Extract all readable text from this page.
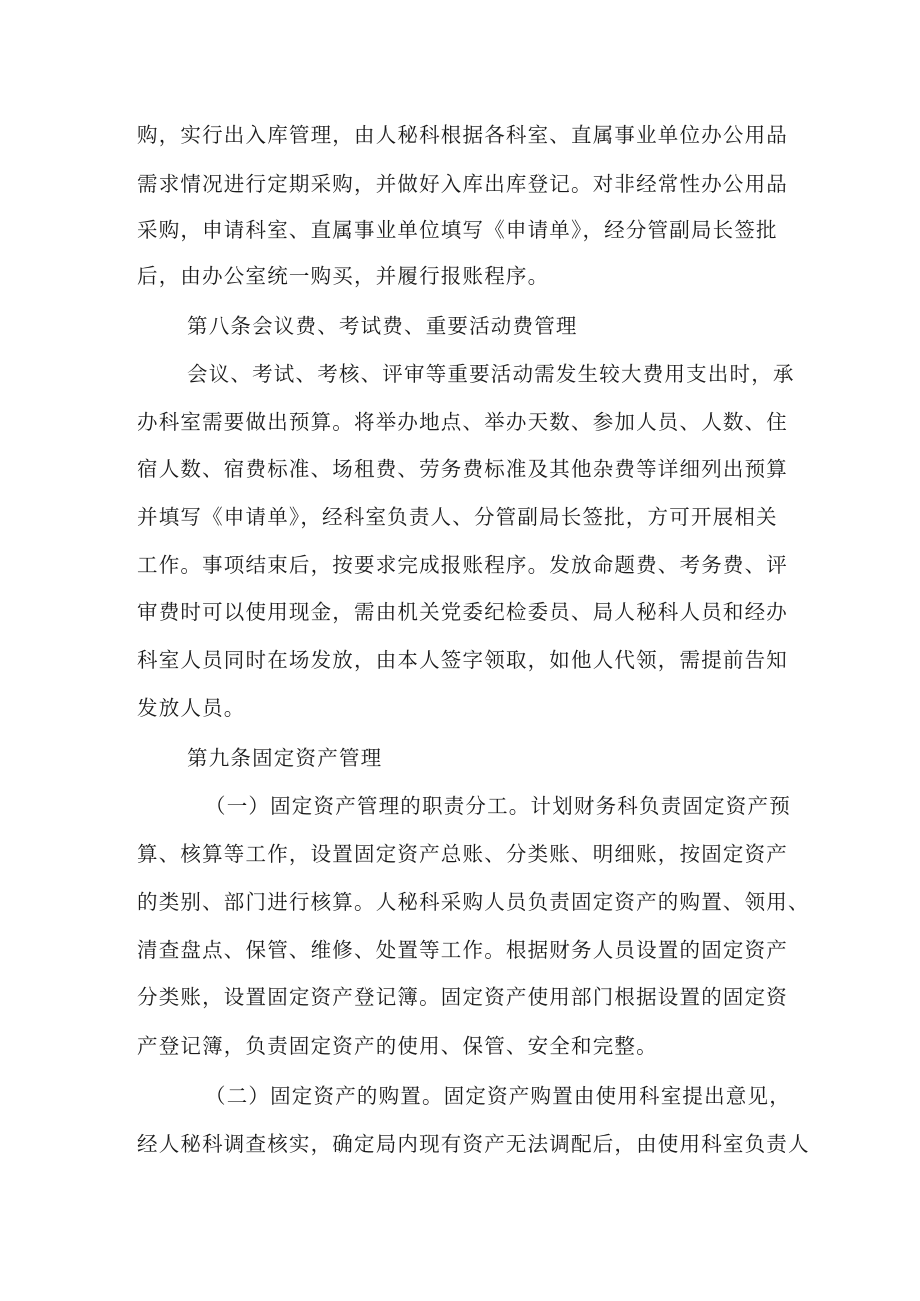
购，实行出入库管理，由人秘科根据各科室、直属事业单位办公用品
需求情况进行定期采购，并做好入库出库登记。对非经常性办公用品
采购，申请科室、直属事业单位填写《申请单》，经分管副局长签批
后，由办公室统一购买，并履行报账程序。
第八条会议费、考试费、重要活动费管理
会议、考试、考核、评审等重要活动需发生较大费用支出时，承
办科室需要做出预算。将举办地点、举办天数、参加人员、人数、住
宿人数、宿费标准、场租费、劳务费标准及其他杂费等详细列出预算
并填写《申请单》，经科室负责人、分管副局长签批，方可开展相关
工作。事项结束后，按要求完成报账程序。发放命题费、考务费、评
审费时可以使用现金，需由机关党委纪检委员、局人秘科人员和经办
科室人员同时在场发放，由本人签字领取，如他人代领，需提前告知
发放人员。
第九条固定资产管理
（一）固定资产管理的职责分工。计划财务科负责固定资产预
算、核算等工作，设置固定资产总账、分类账、明细账，按固定资产
的类别、部门进行核算。人秘科采购人员负责固定资产的购置、领用、
清查盘点、保管、维修、处置等工作。根据财务人员设置的固定资产
分类账，设置固定资产登记簿。固定资产使用部门根据设置的固定资
产登记簿，负责固定资产的使用、保管、安全和完整。
（二）固定资产的购置。固定资产购置由使用科室提出意见，
经人秘科调查核实，确定局内现有资产无法调配后，由使用科室负责人
